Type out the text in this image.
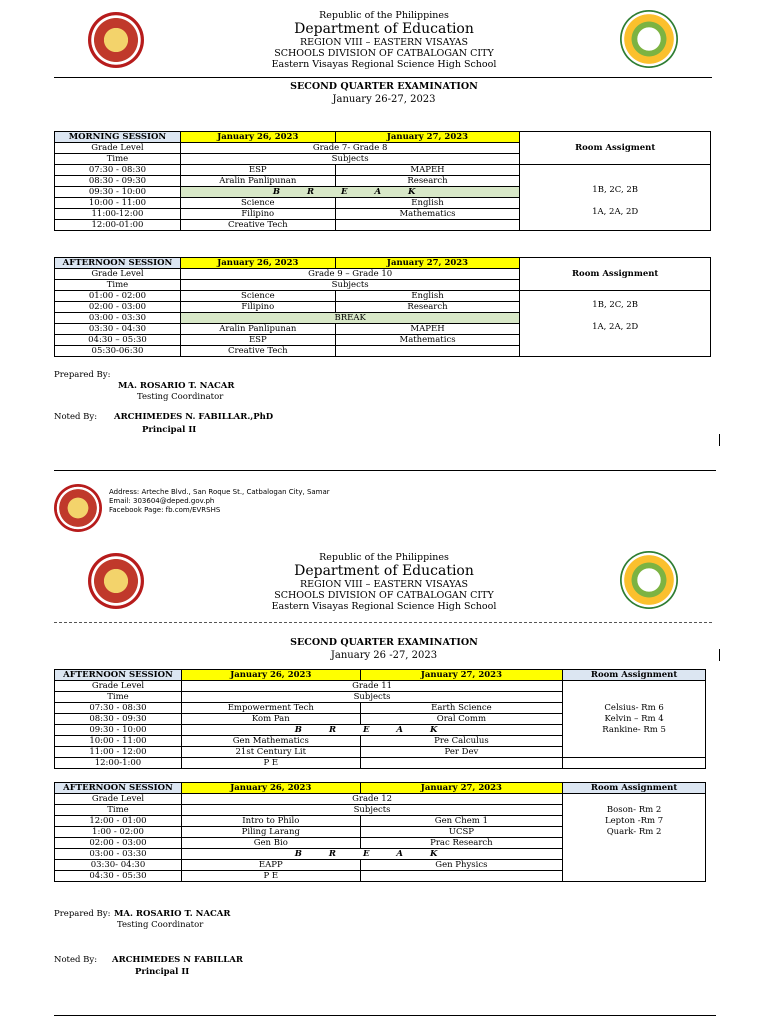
Republic of the Philippines
Department of Education
REGION VIII – EASTERN VISAYAS
SCHOOLS DIVISION OF CATBALOGAN CITY
Eastern Visayas Regional Science High School
SECOND QUARTER EXAMINATION
January 26-27, 2023
MORNING SESSION	January 26, 2023	January 27, 2023	Room Assigment
Grade Level	Grade 7- Grade 8		
Time	Subjects		
07:30 - 08:30	ESP	MAPEH	1B, 2C, 2B
1A, 2A, 2D

08:30 - 09:30	Aralin Panlipunan	Research	
09:30 - 10:00	B R E A K		
10:00 - 11:00	Science	English	
11:00-12:00	Filipino	Mathematics	
12:00-01:00	Creative Tech		
AFTERNOON SESSION	January 26, 2023	January 27, 2023	Room Assignment
Grade Level	Grade 9 – Grade 10		
Time	Subjects		
01:00 - 02:00	Science	English	1B, 2C, 2B
1A, 2A, 2D

02:00 - 03:00	Filipino	Research	
03:00 - 03:30	BREAK		
03:30 - 04:30	Aralin Panlipunan	MAPEH	
04:30 – 05:30	ESP	Mathematics	
05:30-06:30	Creative Tech		
Prepared By:
MA. ROSARIO T. NACAR
Testing Coordinator
Noted By: ARCHIMEDES N. FABILLAR.,PhD
Principal II
Address: Arteche Blvd., San Roque St., Catbalogan City, Samar
Email: 303604@deped.gov.ph
Facebook Page: fb.com/EVRSHS
Republic of the Philippines
Department of Education
REGION VIII – EASTERN VISAYAS
SCHOOLS DIVISION OF CATBALOGAN CITY
Eastern Visayas Regional Science High School
SECOND QUARTER EXAMINATION
January 26 -27, 2023
AFTERNOON SESSION	January 26, 2023	January 27, 2023	Room Assignment
Grade Level	Grade 11		Celsius- Rm 6
Kelvin – Rm 4
Rankine- Rm 5

Time	Subjects		
07:30 - 08:30	Empowerment Tech	Earth Science	
08:30 - 09:30	Kom Pan	Oral Comm	
09:30 - 10:00	B R E A K		
10:00 - 11:00	Gen Mathematics	Pre Calculus	
11:00 - 12:00	21st Century Lit	Per Dev	
12:00-1:00	P E		
AFTERNOON SESSION	January 26, 2023	January 27, 2023	Room Assignment
Grade Level	Grade 12		Boson- Rm 2
Lepton -Rm 7
Quark- Rm 2

Time	Subjects		
12:00 - 01:00	Intro to Philo	Gen Chem 1	
1:00 - 02:00	Piling Larang	UCSP	
02:00 - 03:00	Gen Bio	Prac Research	
03:00 - 03:30	B R E A K		
03:30- 04:30	EAPP	Gen Physics	
04:30 - 05:30	P E		
Prepared By: MA. ROSARIO T. NACAR
Testing Coordinator
Noted By: ARCHIMEDES N FABILLAR
Principal II
